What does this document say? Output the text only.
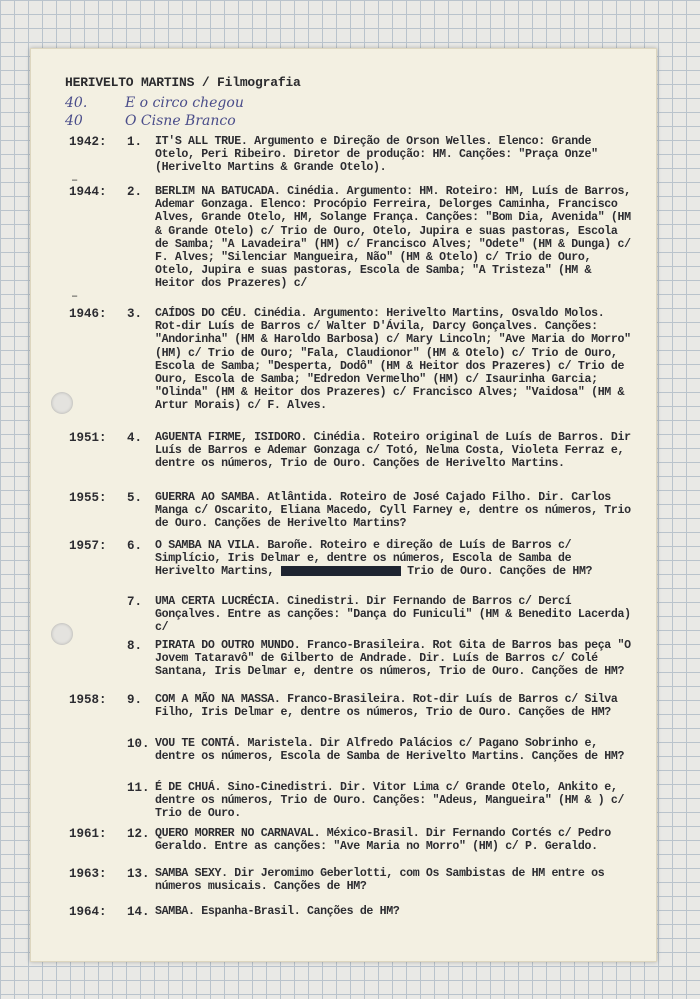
HERIVELTO MARTINS / Filmografia
40.	E o circo chegou
40	O Cisne Branco
1942: 1.	IT'S ALL TRUE. Argumento e Direção de Orson Welles. Elenco: Grande Otelo, Peri Ribeiro. Diretor de produção: HM. Canções: "Praça Onze" (Herivelto Martins & Grande Otelo).
–
1944: 2.	BERLIM NA BATUCADA. Cinédia. Argumento: HM. Roteiro: HM, Luís de Barros, Ademar Gonzaga. Elenco: Procópio Ferreira, Delorges Caminha, Francisco Alves, Grande Otelo, HM, Solange França. Canções: "Bom Dia, Avenida" (HM & Grande Otelo) c/ Trio de Ouro, Otelo, Jupira e suas pastoras, Escola de Samba; "A Lavadeira" (HM) c/ Francisco Alves; "Odete" (HM & Dunga) c/ F. Alves; "Silenciar Mangueira, Não" (HM & Otelo) c/ Trio de Ouro, Otelo, Jupira e suas pastoras, Escola de Samba; "A Tristeza" (HM & Heitor dos Prazeres) c/
–
1946: 3.	CAÍDOS DO CÉU. Cinédia. Argumento: Herivelto Martins, Osvaldo Molos. Rot-dir Luís de Barros c/ Walter D'Ávila, Darcy Gonçalves. Canções: "Andorinha" (HM & Haroldo Barbosa) c/ Mary Lincoln; "Ave Maria do Morro" (HM) c/ Trio de Ouro; "Fala, Claudionor" (HM & Otelo) c/ Trio de Ouro, Escola de Samba; "Desperta, Dodô" (HM & Heitor dos Prazeres) c/ Trio de Ouro, Escola de Samba; "Edredon Vermelho" (HM) c/ Isaurinha Garcia; "Olinda" (HM & Heitor dos Prazeres) c/ Francisco Alves; "Vaidosa" (HM & Artur Morais) c/ F. Alves.
1951: 4.	AGUENTA FIRME, ISIDORO. Cinédia. Roteiro original de Luís de Barros. Dir Luís de Barros e Ademar Gonzaga c/ Totó, Nelma Costa, Violeta Ferraz e, dentre os números, Trio de Ouro. Canções de Herivelto Martins.
1955: 5.	GUERRA AO SAMBA. Atlântida. Roteiro de José Cajado Filho. Dir. Carlos Manga c/ Oscarito, Eliana Macedo, Cyll Farney e, dentre os números, Trio de Ouro. Canções de Herivelto Martins?
1957: 6.	O SAMBA NA VILA. Baroñe. Roteiro e direção de Luís de Barros c/ Simplício, Iris Delmar e, dentre os números, Escola de Samba de Herivelto Martins,	Trio de Ouro. Canções de HM?
7.	UMA CERTA LUCRÉCIA. Cinedistri. Dir Fernando de Barros c/ Dercí Gonçalves. Entre as canções: "Dança do Funiculi" (HM & Benedito Lacerda) c/
8.	PIRATA DO OUTRO MUNDO. Franco-Brasileira. Rot Gita de Barros bas peça "O Jovem Tataravô" de Gilberto de Andrade. Dir. Luís de Barros c/ Colé Santana, Iris Delmar e, dentre os números, Trio de Ouro. Canções de HM?
1958: 9.	COM A MÃO NA MASSA. Franco-Brasileira. Rot-dir Luís de Barros c/ Silva Filho, Iris Delmar e, dentre os números, Trio de Ouro. Canções de HM?
10. VOU TE CONTÁ. Maristela. Dir Alfredo Palácios c/ Pagano Sobrinho e, dentre os números, Escola de Samba de Herivelto Martins. Canções de HM?
11. É DE CHUÁ. Sino-Cinedistri. Dir. Vitor Lima c/ Grande Otelo, Ankito e, dentre os números, Trio de Ouro. Canções: "Adeus, Mangueira" (HM & ) c/ Trio de Ouro.
1961: 12. QUERO MORRER NO CARNAVAL. México-Brasil. Dir Fernando Cortés c/ Pedro Geraldo. Entre as canções: "Ave Maria no Morro" (HM) c/ P. Geraldo.
1963: 13. SAMBA SEXY. Dir Jeromimo Geberlotti, com Os Sambistas de HM entre os números musicais. Canções de HM?
1964: 14. SAMBA. Espanha-Brasil. Canções de HM?
